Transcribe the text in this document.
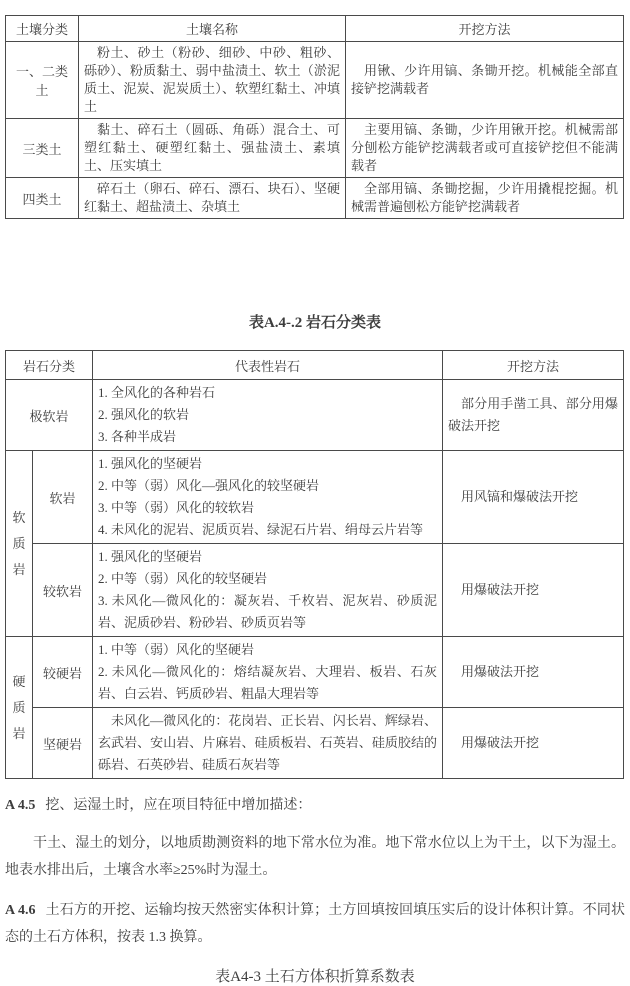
土壤分类	土壤名称	开挖方法
一、二类土	粉土、砂土（粉砂、细砂、中砂、粗砂、砾砂）、粉质黏土、弱中盐渍土、软土（淤泥质土、泥炭、泥炭质土）、软塑红黏土、冲填土	用锹、少许用镐、条锄开挖。机械能全部直接铲挖满载者
三类土	黏土、碎石土（圆砾、角砾）混合土、可塑红黏土、硬塑红黏土、强盐渍土、素填土、压实填土	主要用镐、条锄，少许用锹开挖。机械需部分刨松方能铲挖满载者或可直接铲挖但不能满载者
四类土	碎石土（卵石、碎石、漂石、块石）、坚硬红黏土、超盐渍土、杂填土	全部用镐、条锄挖掘，少许用撬棍挖掘。机械需普遍刨松方能铲挖满载者
表A.4-.2 岩石分类表
岩石分类		代表性岩石	开挖方法
极软岩		1. 全风化的各种岩石
2. 强风化的软岩
3. 各种半成岩	部分用手凿工具、部分用爆破法开挖

软质岩	软岩	1. 强风化的坚硬岩
2. 中等（弱）风化—强风化的较坚硬岩
3. 中等（弱）风化的较软岩
4. 未风化的泥岩、泥质页岩、绿泥石片岩、绢母云片岩等	用风镐和爆破法开挖
	较软岩	1. 强风化的坚硬岩
2. 中等（弱）风化的较坚硬岩
3. 未风化—微风化的：凝灰岩、千枚岩、泥灰岩、砂质泥岩、泥质砂岩、粉砂岩、砂质页岩等	用爆破法开挖

硬质岩	较硬岩	1. 中等（弱）风化的坚硬岩
2. 未风化—微风化的：熔结凝灰岩、大理岩、板岩、石灰岩、白云岩、钙质砂岩、粗晶大理岩等	用爆破法开挖
	坚硬岩	未风化—微风化的：花岗岩、正长岩、闪长岩、辉绿岩、玄武岩、安山岩、片麻岩、硅质板岩、石英岩、硅质胶结的砾岩、石英砂岩、硅质石灰岩等	用爆破法开挖
A 4.5 挖、运湿土时，应在项目特征中增加描述：
干土、湿土的划分，以地质勘测资料的地下常水位为准。地下常水位以上为干土，以下为湿土。地表水排出后，土壤含水率≥25%时为湿土。
A 4.6 土石方的开挖、运输均按天然密实体积计算；土方回填按回填压实后的设计体积计算。不同状态的土石方体积，按表 1.3 换算。
表A4-3 土石方体积折算系数表
